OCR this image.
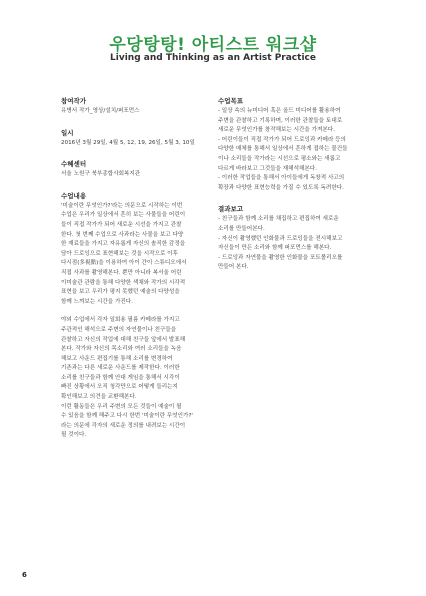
우당탕탕! 아티스트 워크샵
Living and Thinking as an Artist Practice
참여작가
유병서 작가_영상/설치/퍼포먼스
일시
2016년 3월 29일, 4월 5, 12, 19, 26일, 5월 3, 10일
수혜센터
서울 노원구 북부종합사회복지관
수업내용
'미술이란 무엇인가?'라는 의문으로 시작하는 이번
수업은 우리가 일상에서 흔히 보는 사물들을 어린이
들이 직접 작가가 되어 새로운 시선을 가지고 관찰
한다. 첫 번째 수업으로 사과라는 사물을 보고 다양
한 재료들을 가지고 자유롭게 자신의 솔직한 감정을
담아 드로잉으로 표현해보는 것을 시작으로 이후
다시점(多視點)을 이용하여 아이 간이 스튜디오에서
직접 사과를 촬영해본다. 뿐만 아니라 복서울 어린
이미술관 관람을 통해 다양한 색채와 작가의 시각적
표현을 보고 우리가 평지 못했던 예술의 다양성을
함께 느껴보는 시간을 가진다.
야외 수업에서 각자 일회용 필름 카메라를 가지고
주관적인 해석으로 주변의 자연물이나 친구들을
관찰하고 자신의 작업에 대해 친구들 앞에서 발표해
본다. 작가와 자신의 목소리와 여러 소리들을 녹음
해보고 사운드 편집기를 통해 소리를 변경하여
기존과는 다른 새로운 사운드를 제작한다. 이러한
소리를 친구들과 함께 안대 게임을 통해서 시각이
빠진 상황에서 오직 청각만으로 어떻게 들리는지
확인해보고 의견을 교환해본다.
이런 활동들은 우리 주변의 모든 것들이 예술이 될
수 있음을 함께 해주고 다시 한번 '미술이란 무엇인가?'
라는 의문에 각자의 새로운 정의를 내려보는 시간이
될 것이다.
수업목표
- 일상 속의 뉴미디어 혹은 올드 미디어를 활용하여
주변을 관찰하고 기록하며, 이러한 관찰들을 토대로
새로운 무엇인가를 창작해보는 시간을 가져본다.
- 어린이들이 직접 작가가 되어 드로잉과 카메라 등의
다양한 매체를 통해서 일상에서 흔하게 접하는 물건들
이나 소리들을 작가라는 시선으로 평소와는 새롭고
다르게 바라보고 그것들을 재해석해본다.
- 이러한 작업들을 통해서 아이들에게 독창적 사고의
확장과 다양한 표현능력을 가질 수 있도록 독려한다.
결과보고
- 친구들과 함께 소리를 채집하고 편집하여 새로운
소리를 만들어본다.
- 자신이 촬영했던 인화물과 드로잉들을 전시해보고
자신들이 만든 소리와 함께 퍼포먼스를 해본다.
- 드로잉과 자연물을 촬영한 인화물을 포트폴리오를
만들어 본다.
6
